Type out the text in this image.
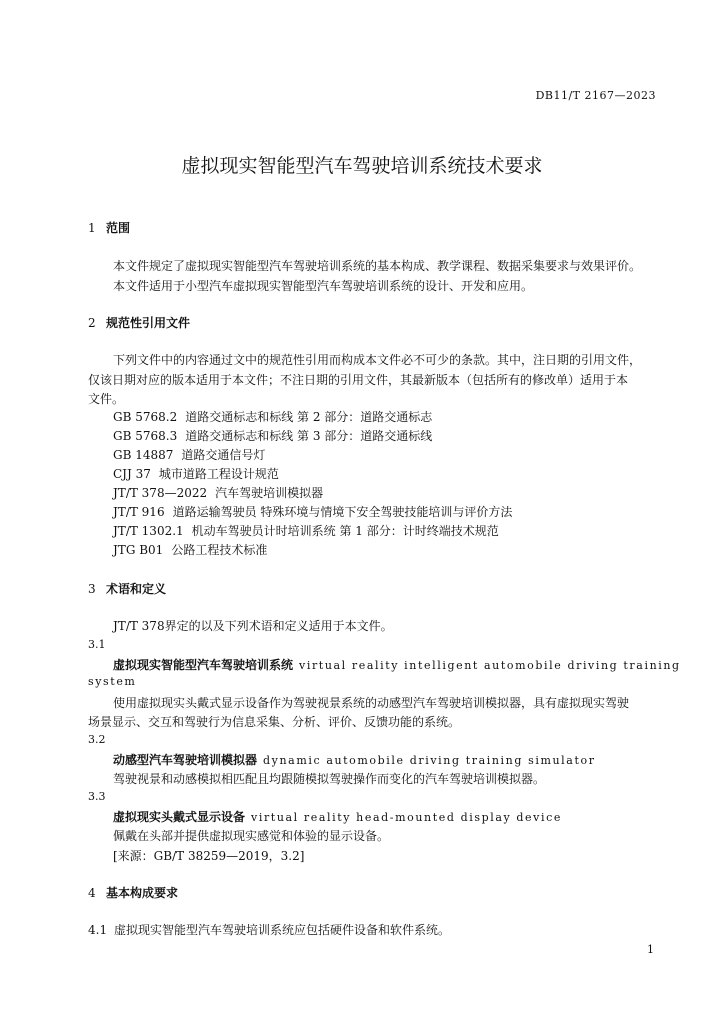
DB11/T 2167—2023
虚拟现实智能型汽车驾驶培训系统技术要求
1 范围
本文件规定了虚拟现实智能型汽车驾驶培训系统的基本构成、教学课程、数据采集要求与效果评价。
本文件适用于小型汽车虚拟现实智能型汽车驾驶培训系统的设计、开发和应用。
2 规范性引用文件
下列文件中的内容通过文中的规范性引用而构成本文件必不可少的条款。其中，注日期的引用文件，
仅该日期对应的版本适用于本文件；不注日期的引用文件，其最新版本（包括所有的修改单）适用于本
文件。
GB 5768.2 道路交通标志和标线 第 2 部分：道路交通标志
GB 5768.3 道路交通标志和标线 第 3 部分：道路交通标线
GB 14887 道路交通信号灯
CJJ 37 城市道路工程设计规范
JT/T 378—2022 汽车驾驶培训模拟器
JT/T 916 道路运输驾驶员 特殊环境与情境下安全驾驶技能培训与评价方法
JT/T 1302.1 机动车驾驶员计时培训系统 第 1 部分：计时终端技术规范
JTG B01 公路工程技术标准
3 术语和定义
JT/T 378界定的以及下列术语和定义适用于本文件。
3.1
虚拟现实智能型汽车驾驶培训系统 virtual reality intelligent automobile driving training
system
使用虚拟现实头戴式显示设备作为驾驶视景系统的动感型汽车驾驶培训模拟器，具有虚拟现实驾驶
场景显示、交互和驾驶行为信息采集、分析、评价、反馈功能的系统。
3.2
动感型汽车驾驶培训模拟器 dynamic automobile driving training simulator
驾驶视景和动感模拟相匹配且均跟随模拟驾驶操作而变化的汽车驾驶培训模拟器。
3.3
虚拟现实头戴式显示设备 virtual reality head-mounted display device
佩戴在头部并提供虚拟现实感觉和体验的显示设备。
[来源：GB/T 38259—2019，3.2]
4 基本构成要求
4.1 虚拟现实智能型汽车驾驶培训系统应包括硬件设备和软件系统。
1
